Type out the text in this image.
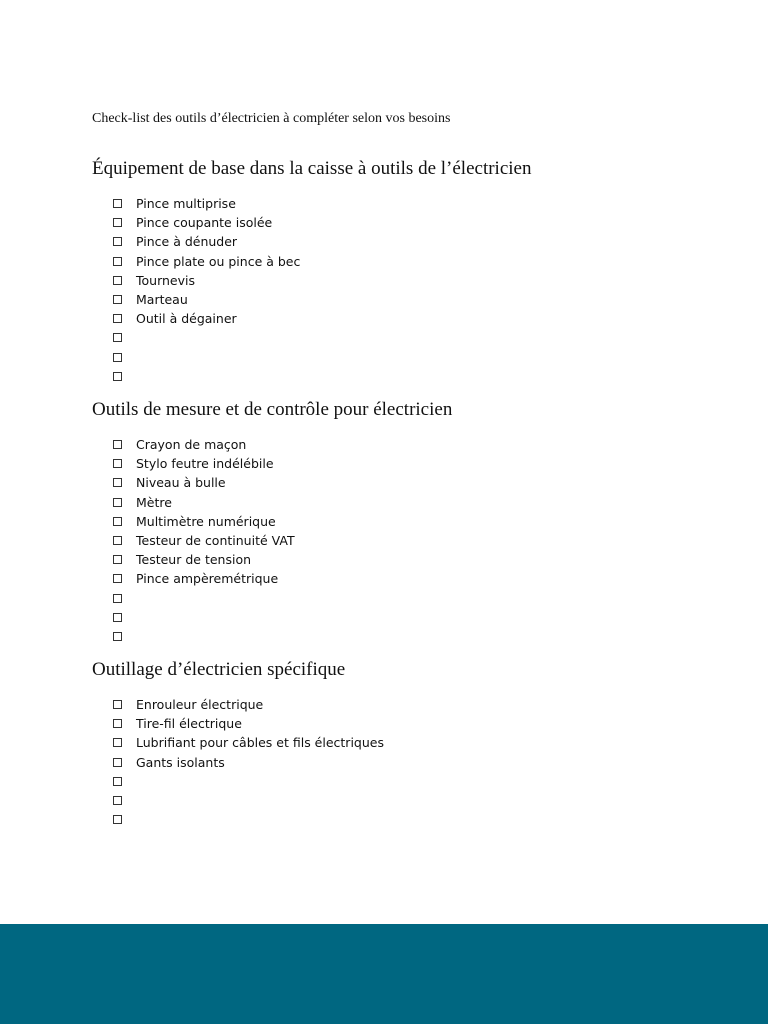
Check-list des outils d’électricien à compléter selon vos besoins
Équipement de base dans la caisse à outils de l’électricien
Pince multiprise
Pince coupante isolée
Pince à dénuder
Pince plate ou pince à bec
Tournevis
Marteau
Outil à dégainer
Outils de mesure et de contrôle pour électricien
Crayon de maçon
Stylo feutre indélébile
Niveau à bulle
Mètre
Multimètre numérique
Testeur de continuité VAT
Testeur de tension
Pince ampèremétrique
Outillage d’électricien spécifique
Enrouleur électrique
Tire-fil électrique
Lubrifiant pour câbles et fils électriques
Gants isolants
